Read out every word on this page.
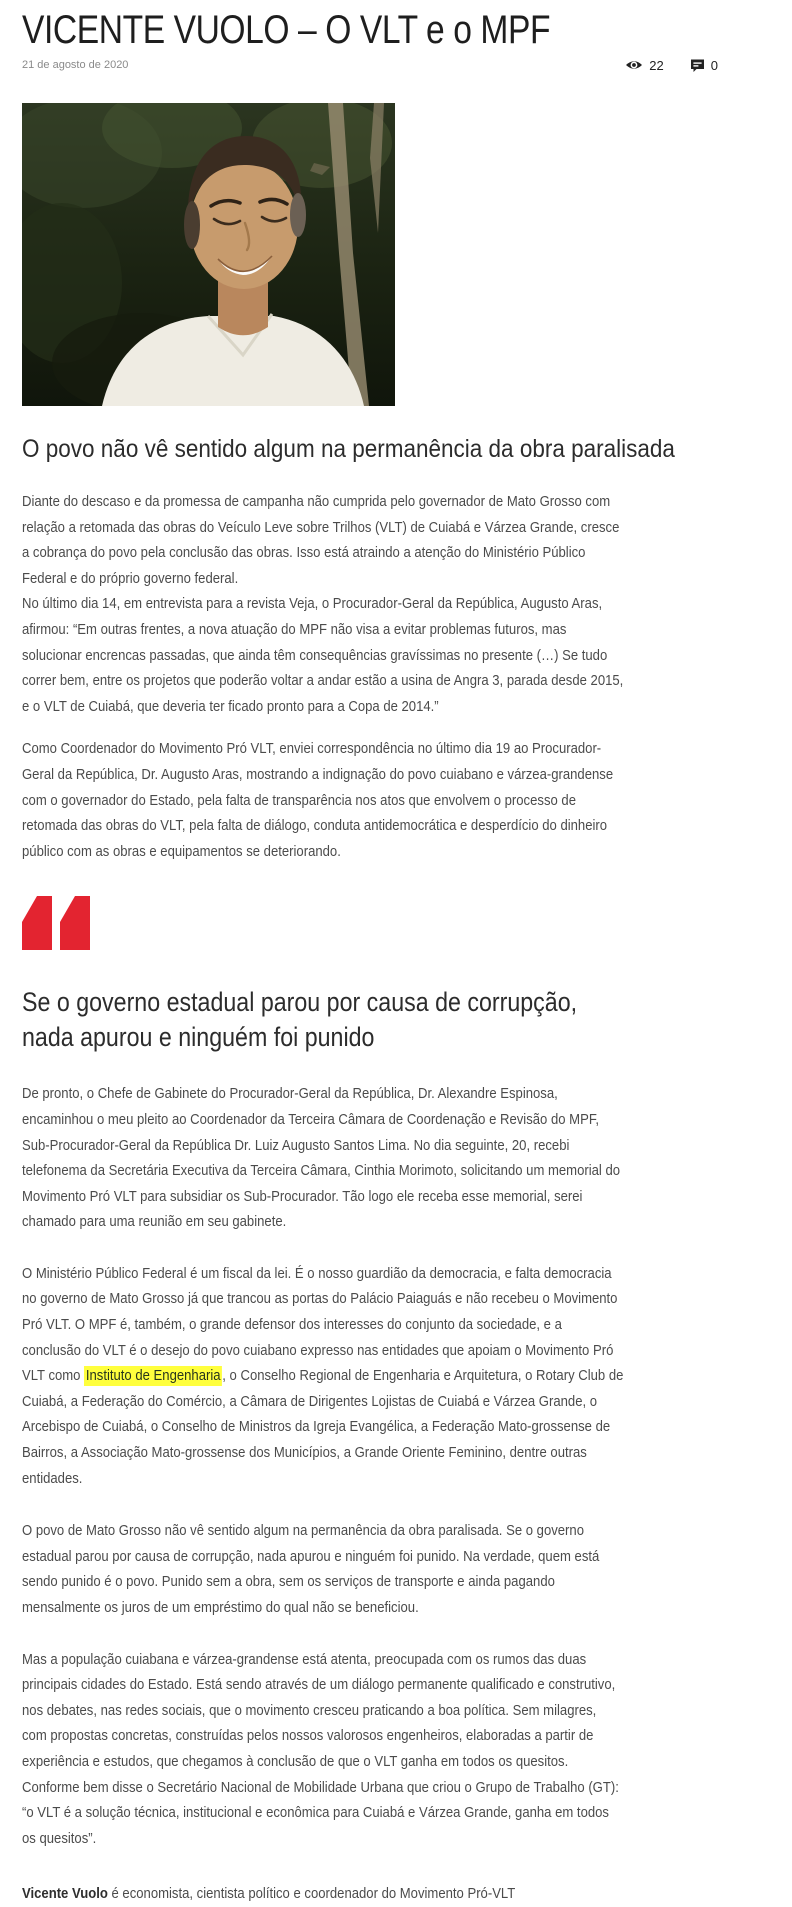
VICENTE VUOLO – O VLT e o MPF
21 de agosto de 2020	22	0
O povo não vê sentido algum na permanência da obra paralisada

Diante do descaso e da promessa de campanha não cumprida pelo governador de Mato Grosso com relação a retomada das obras do Veículo Leve sobre Trilhos (VLT) de Cuiabá e Várzea Grande, cresce a cobrança do povo pela conclusão das obras. Isso está atraindo a atenção do Ministério Público Federal e do próprio governo federal.
No último dia 14, em entrevista para a revista Veja, o Procurador-Geral da República, Augusto Aras, afirmou: “Em outras frentes, a nova atuação do MPF não visa a evitar problemas futuros, mas solucionar encrencas passadas, que ainda têm consequências gravíssimas no presente (…) Se tudo correr bem, entre os projetos que poderão voltar a andar estão a usina de Angra 3, parada desde 2015, e o VLT de Cuiabá, que deveria ter ficado pronto para a Copa de 2014.”

Como Coordenador do Movimento Pró VLT, enviei correspondência no último dia 19 ao Procurador-Geral da República, Dr. Augusto Aras, mostrando a indignação do povo cuiabano e várzea-grandense com o governador do Estado, pela falta de transparência nos atos que envolvem o processo de retomada das obras do VLT, pela falta de diálogo, conduta antidemocrática e desperdício do dinheiro público com as obras e equipamentos se deteriorando.

Se o governo estadual parou por causa de corrupção,
nada apurou e ninguém foi punido

De pronto, o Chefe de Gabinete do Procurador-Geral da República, Dr. Alexandre Espinosa, encaminhou o meu pleito ao Coordenador da Terceira Câmara de Coordenação e Revisão do MPF, Sub-Procurador-Geral da República Dr. Luiz Augusto Santos Lima. No dia seguinte, 20, recebi telefonema da Secretária Executiva da Terceira Câmara, Cinthia Morimoto, solicitando um memorial do Movimento Pró VLT para subsidiar os Sub-Procurador. Tão logo ele receba esse memorial, serei chamado para uma reunião em seu gabinete.

O Ministério Público Federal é um fiscal da lei. É o nosso guardião da democracia, e falta democracia no governo de Mato Grosso já que trancou as portas do Palácio Paiaguás e não recebeu o Movimento Pró VLT. O MPF é, também, o grande defensor dos interesses do conjunto da sociedade, e a conclusão do VLT é o desejo do povo cuiabano expresso nas entidades que apoiam o Movimento Pró VLT como Instituto de Engenharia , o Conselho Regional de Engenharia e Arquitetura, o Rotary Club de Cuiabá, a Federação do Comércio, a Câmara de Dirigentes Lojistas de Cuiabá e Várzea Grande, o Arcebispo de Cuiabá, o Conselho de Ministros da Igreja Evangélica, a Federação Mato-grossense de Bairros, a Associação Mato-grossense dos Municípios, a Grande Oriente Feminino, dentre outras entidades.

O povo de Mato Grosso não vê sentido algum na permanência da obra paralisada. Se o governo estadual parou por causa de corrupção, nada apurou e ninguém foi punido. Na verdade, quem está sendo punido é o povo. Punido sem a obra, sem os serviços de transporte e ainda pagando mensalmente os juros de um empréstimo do qual não se beneficiou.

Mas a população cuiabana e várzea-grandense está atenta, preocupada com os rumos das duas principais cidades do Estado. Está sendo através de um diálogo permanente qualificado e construtivo, nos debates, nas redes sociais, que o movimento cresceu praticando a boa política. Sem milagres, com propostas concretas, construídas pelos nossos valorosos engenheiros, elaboradas a partir de experiência e estudos, que chegamos à conclusão de que o VLT ganha em todos os quesitos. Conforme bem disse o Secretário Nacional de Mobilidade Urbana que criou o Grupo de Trabalho (GT): “o VLT é a solução técnica, institucional e econômica para Cuiabá e Várzea Grande, ganha em todos os quesitos”.

Vicente Vuolo é economista, cientista político e coordenador do Movimento Pró-VLT
